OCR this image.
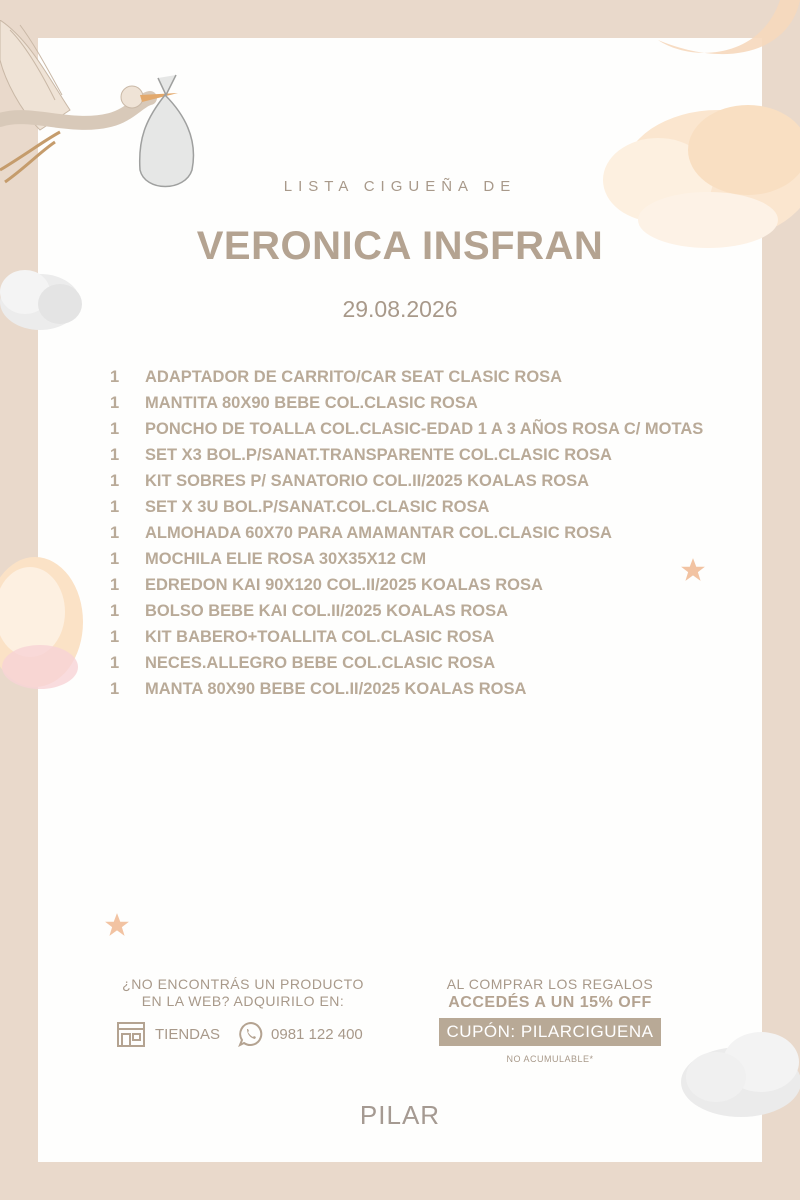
LISTA CIGUEÑA DE
VERONICA INSFRAN
29.08.2026
1	ADAPTADOR DE CARRITO/CAR SEAT CLASIC ROSA
1	MANTITA 80X90 BEBE COL.CLASIC ROSA
1	PONCHO DE TOALLA COL.CLASIC-EDAD 1 A 3 AÑOS ROSA C/ MOTAS
1	SET X3 BOL.P/SANAT.TRANSPARENTE COL.CLASIC ROSA
1	KIT SOBRES P/ SANATORIO COL.II/2025 KOALAS ROSA
1	SET X 3U BOL.P/SANAT.COL.CLASIC ROSA
1	ALMOHADA 60X70 PARA AMAMANTAR COL.CLASIC ROSA
1	MOCHILA ELIE ROSA 30X35X12 CM
1	EDREDON KAI 90X120 COL.II/2025 KOALAS ROSA
1	BOLSO BEBE KAI COL.II/2025 KOALAS ROSA
1	KIT BABERO+TOALLITA COL.CLASIC ROSA
1	NECES.ALLEGRO BEBE COL.CLASIC ROSA
1	MANTA 80X90 BEBE COL.II/2025 KOALAS ROSA
¿NO ENCONTRÁS UN PRODUCTO
EN LA WEB? ADQUIRILO EN:
TIENDAS	0981 122 400
AL COMPRAR LOS REGALOS
ACCEDÉS A UN 15% OFF
CUPÓN: PILARCIGUENA
NO ACUMULABLE*
PILAR
